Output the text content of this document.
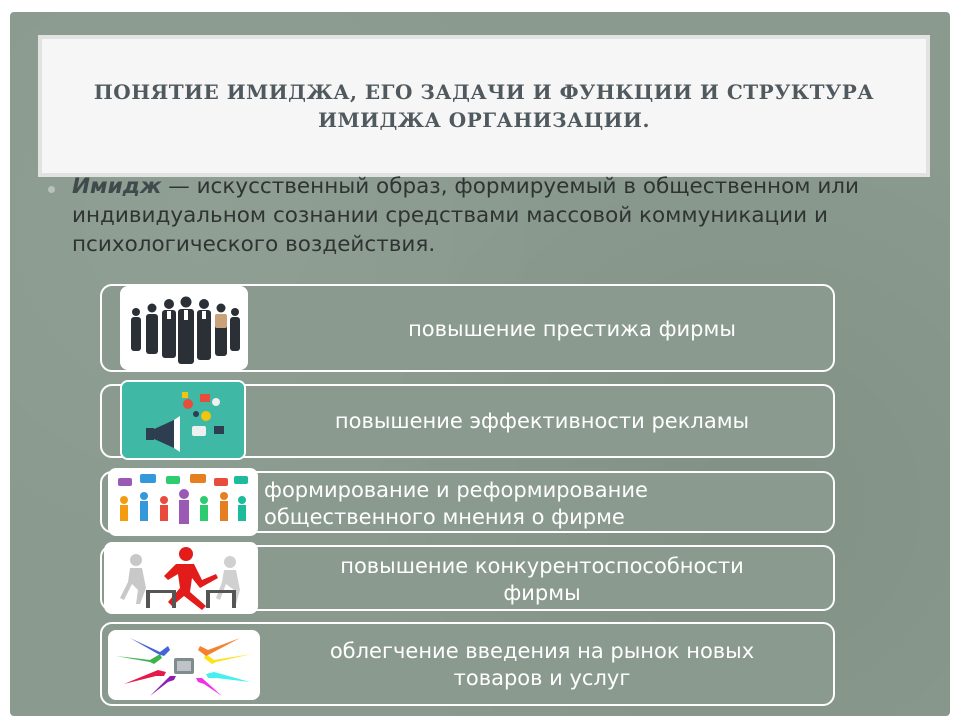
ПОНЯТИЕ ИМИДЖА, ЕГО ЗАДАЧИ И ФУНКЦИИ И СТРУКТУРА
ИМИДЖА ОРГАНИЗАЦИИ.

Имидж — искусственный образ, формируемый в общественном или индивидуальном сознании средствами массовой коммуникации и психологического воздействия.

повышение престижа фирмы
повышение эффективности рекламы
формирование и реформирование
общественного мнения о фирме
повышение конкурентоспособности
фирмы
облегчение введения на рынок новых
товаров и услуг
